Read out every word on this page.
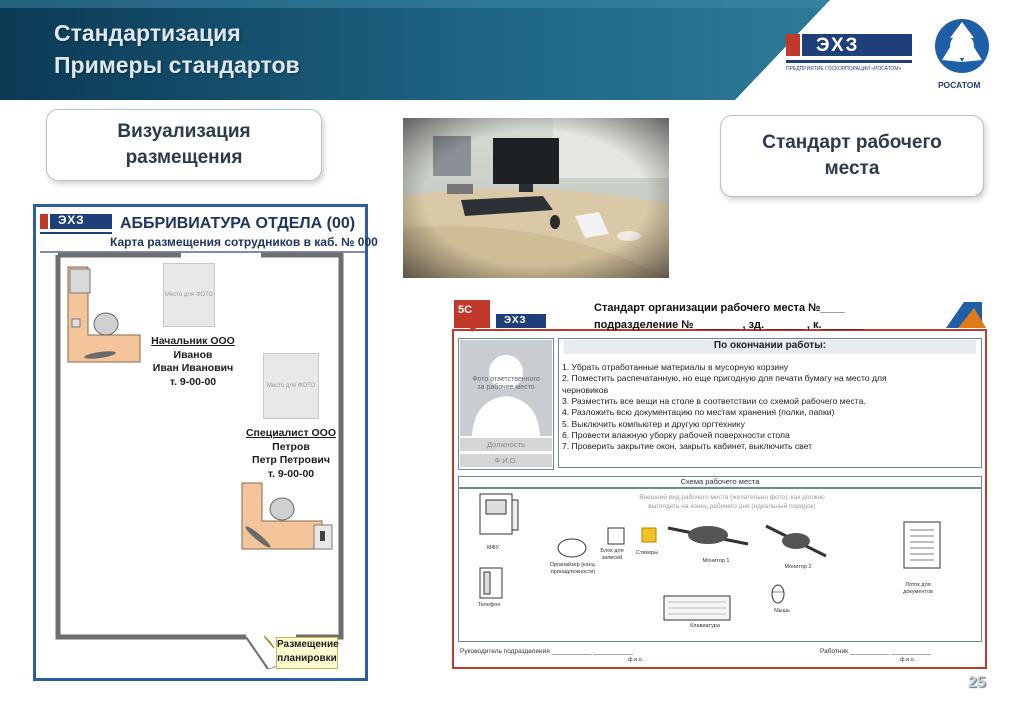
Стандартизация
Примеры стандартов
ЭХЗ
ПРЕДПРИЯТИЕ ГОСКОРПОРАЦИИ «РОСАТОМ»
РОСАТОМ
Визуализация
размещения
Стандарт рабочего
места
ЭХЗ АББРИВИАТУРА ОТДЕЛА (00)
Карта размещения сотрудников в каб. № 000
Место для ФОТО
Место для ФОТО
Начальник ООО
Иванов
Иван Иванович
т. 9-00-00
Специалист ООО
Петров
Петр Петрович
т. 9-00-00
Размещение планировки
5С
ЭХЗ
Стандарт организации рабочего места №____
подразделение № _______ , зд. ______ , к._______
Фото ответственного за рабочее место
Должность
Ф.И.О.
По окончании работы:
1. Убрать отработанные материалы в мусорную корзину
2. Поместить распечатанную, но еще пригодную для печати бумагу на место для
черновиков
3. Разместить все вещи на столе в соответствии со схемой рабочего места.
4. Разложить всю документацию по местам хранения (полки, папки)
5. Выключить компьютер и другую оргтехнику
6. Провести влажную уборку рабочей поверхности стола
7. Проверить закрытие окон, закрыть кабинет, выключить свет
Схема рабочего места
Внешний вид рабочего места (желательно фото), как должно
выглядеть на конец рабочего дня (идеальный порядок)
МФУ
Органайзер (канц. принадлежности)
Блок для записей
Стикеры
Монитор 1
Монитор 2
Лоток для документов
Телефон
Клавиатура
Мышь
Руководитель подразделения ___________ ___________	Работник ___________ ___________
ф.и.о.	ф.и.о.
25
